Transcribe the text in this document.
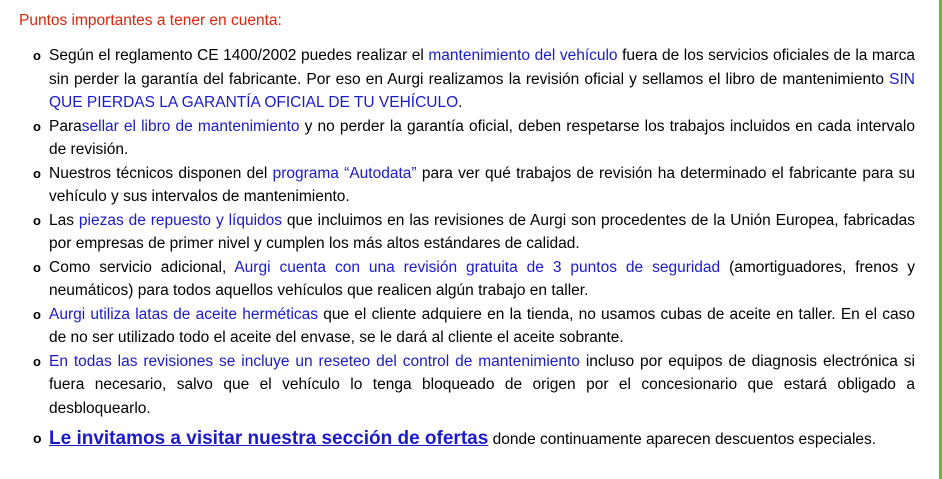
Puntos importantes a tener en cuenta:
o Según el reglamento CE 1400/2002 puedes realizar el mantenimiento del vehículo fuera de los servicios oficiales de la marca sin perder la garantía del fabricante. Por eso en Aurgi realizamos la revisión oficial y sellamos el libro de mantenimiento SIN QUE PIERDAS LA GARANTÍA OFICIAL DE TU VEHÍCULO.
o Parasellar el libro de mantenimiento y no perder la garantía oficial, deben respetarse los trabajos incluidos en cada intervalo de revisión.
o Nuestros técnicos disponen del programa “Autodata” para ver qué trabajos de revisión ha determinado el fabricante para su vehículo y sus intervalos de mantenimiento.
o Las piezas de repuesto y líquidos que incluimos en las revisiones de Aurgi son procedentes de la Unión Europea, fabricadas por empresas de primer nivel y cumplen los más altos estándares de calidad.
o Como servicio adicional, Aurgi cuenta con una revisión gratuita de 3 puntos de seguridad (amortiguadores, frenos y neumáticos) para todos aquellos vehículos que realicen algún trabajo en taller.
o Aurgi utiliza latas de aceite herméticas que el cliente adquiere en la tienda, no usamos cubas de aceite en taller. En el caso de no ser utilizado todo el aceite del envase, se le dará al cliente el aceite sobrante.
o En todas las revisiones se incluye un reseteo del control de mantenimiento incluso por equipos de diagnosis electrónica si fuera necesario, salvo que el vehículo lo tenga bloqueado de origen por el concesionario que estará obligado a desbloquearlo.
o Le invitamos a visitar nuestra sección de ofertas donde continuamente aparecen descuentos especiales.
